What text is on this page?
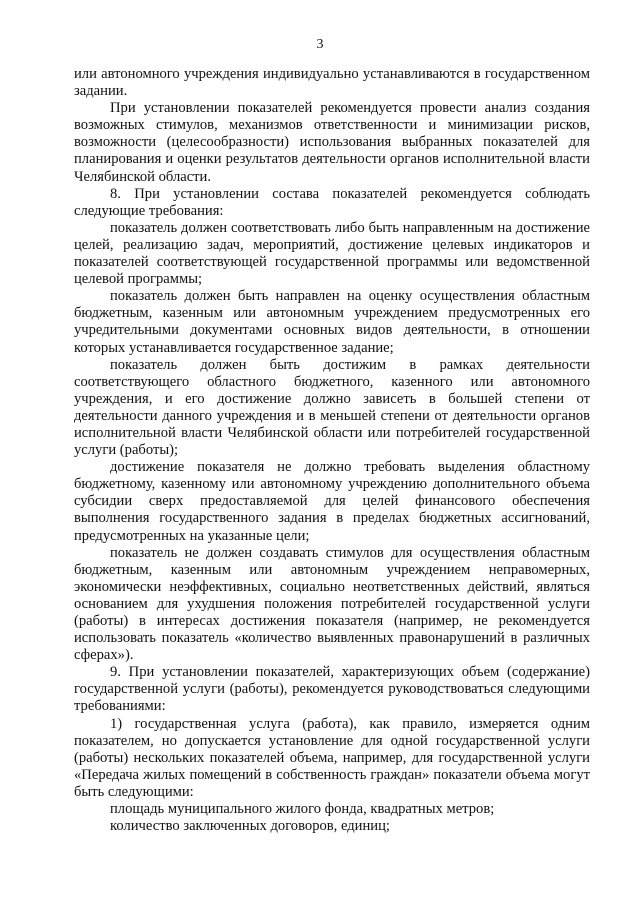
3

или автономного учреждения индивидуально устанавливаются в государственном задании.

При установлении показателей рекомендуется провести анализ создания возможных стимулов, механизмов ответственности и минимизации рисков, возможности (целесообразности) использования выбранных показателей для планирования и оценки результатов деятельности органов исполнительной власти Челябинской области.

8. При установлении состава показателей рекомендуется соблюдать следующие требования:

показатель должен соответствовать либо быть направленным на достижение целей, реализацию задач, мероприятий, достижение целевых индикаторов и показателей соответствующей государственной программы или ведомственной целевой программы;

показатель должен быть направлен на оценку осуществления областным бюджетным, казенным или автономным учреждением предусмотренных его учредительными документами основных видов деятельности, в отношении которых устанавливается государственное задание;

показатель должен быть достижим в рамках деятельности соответствующего областного бюджетного, казенного или автономного учреждения, и его достижение должно зависеть в большей степени от деятельности данного учреждения и в меньшей степени от деятельности органов исполнительной власти Челябинской области или потребителей государственной услуги (работы);

достижение показателя не должно требовать выделения областному бюджетному, казенному или автономному учреждению дополнительного объема субсидии сверх предоставляемой для целей финансового обеспечения выполнения государственного задания в пределах бюджетных ассигнований, предусмотренных на указанные цели;

показатель не должен создавать стимулов для осуществления областным бюджетным, казенным или автономным учреждением неправомерных, экономически неэффективных, социально неответственных действий, являться основанием для ухудшения положения потребителей государственной услуги (работы) в интересах достижения показателя (например, не рекомендуется использовать показатель «количество выявленных правонарушений в различных сферах»).

9. При установлении показателей, характеризующих объем (содержание) государственной услуги (работы), рекомендуется руководствоваться следующими требованиями:

1) государственная услуга (работа), как правило, измеряется одним показателем, но допускается установление для одной государственной услуги (работы) нескольких показателей объема, например, для государственной услуги «Передача жилых помещений в собственность граждан» показатели объема могут быть следующими:

площадь муниципального жилого фонда, квадратных метров;

количество заключенных договоров, единиц;
